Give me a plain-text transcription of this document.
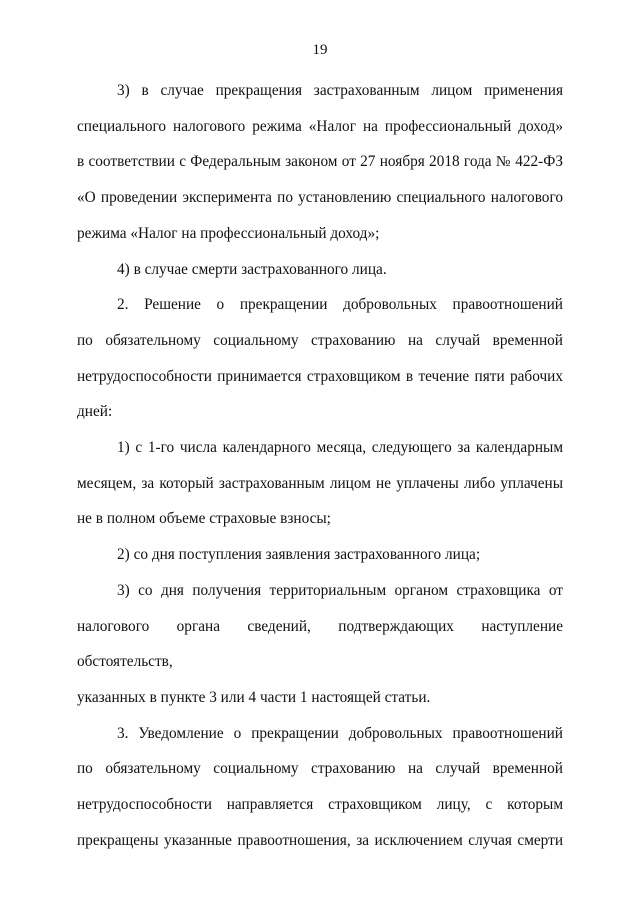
19

3) в случае прекращения застрахованным лицом применения
специального налогового режима «Налог на профессиональный доход»
в соответствии с Федеральным законом от 27 ноября 2018 года № 422-ФЗ
«О проведении эксперимента по установлению специального налогового
режима «Налог на профессиональный доход»;

4) в случае смерти застрахованного лица.

2. Решение о прекращении добровольных правоотношений
по обязательному социальному страхованию на случай временной
нетрудоспособности принимается страховщиком в течение пяти рабочих
дней:

1) с 1-го числа календарного месяца, следующего за календарным
месяцем, за который застрахованным лицом не уплачены либо уплачены
не в полном объеме страховые взносы;

2) со дня поступления заявления застрахованного лица;

3) со дня получения территориальным органом страховщика от
налогового органа сведений, подтверждающих наступление обстоятельств,
указанных в пункте 3 или 4 части 1 настоящей статьи.

3. Уведомление о прекращении добровольных правоотношений
по обязательному социальному страхованию на случай временной
нетрудоспособности направляется страховщиком лицу, с которым
прекращены указанные правоотношения, за исключением случая смерти
